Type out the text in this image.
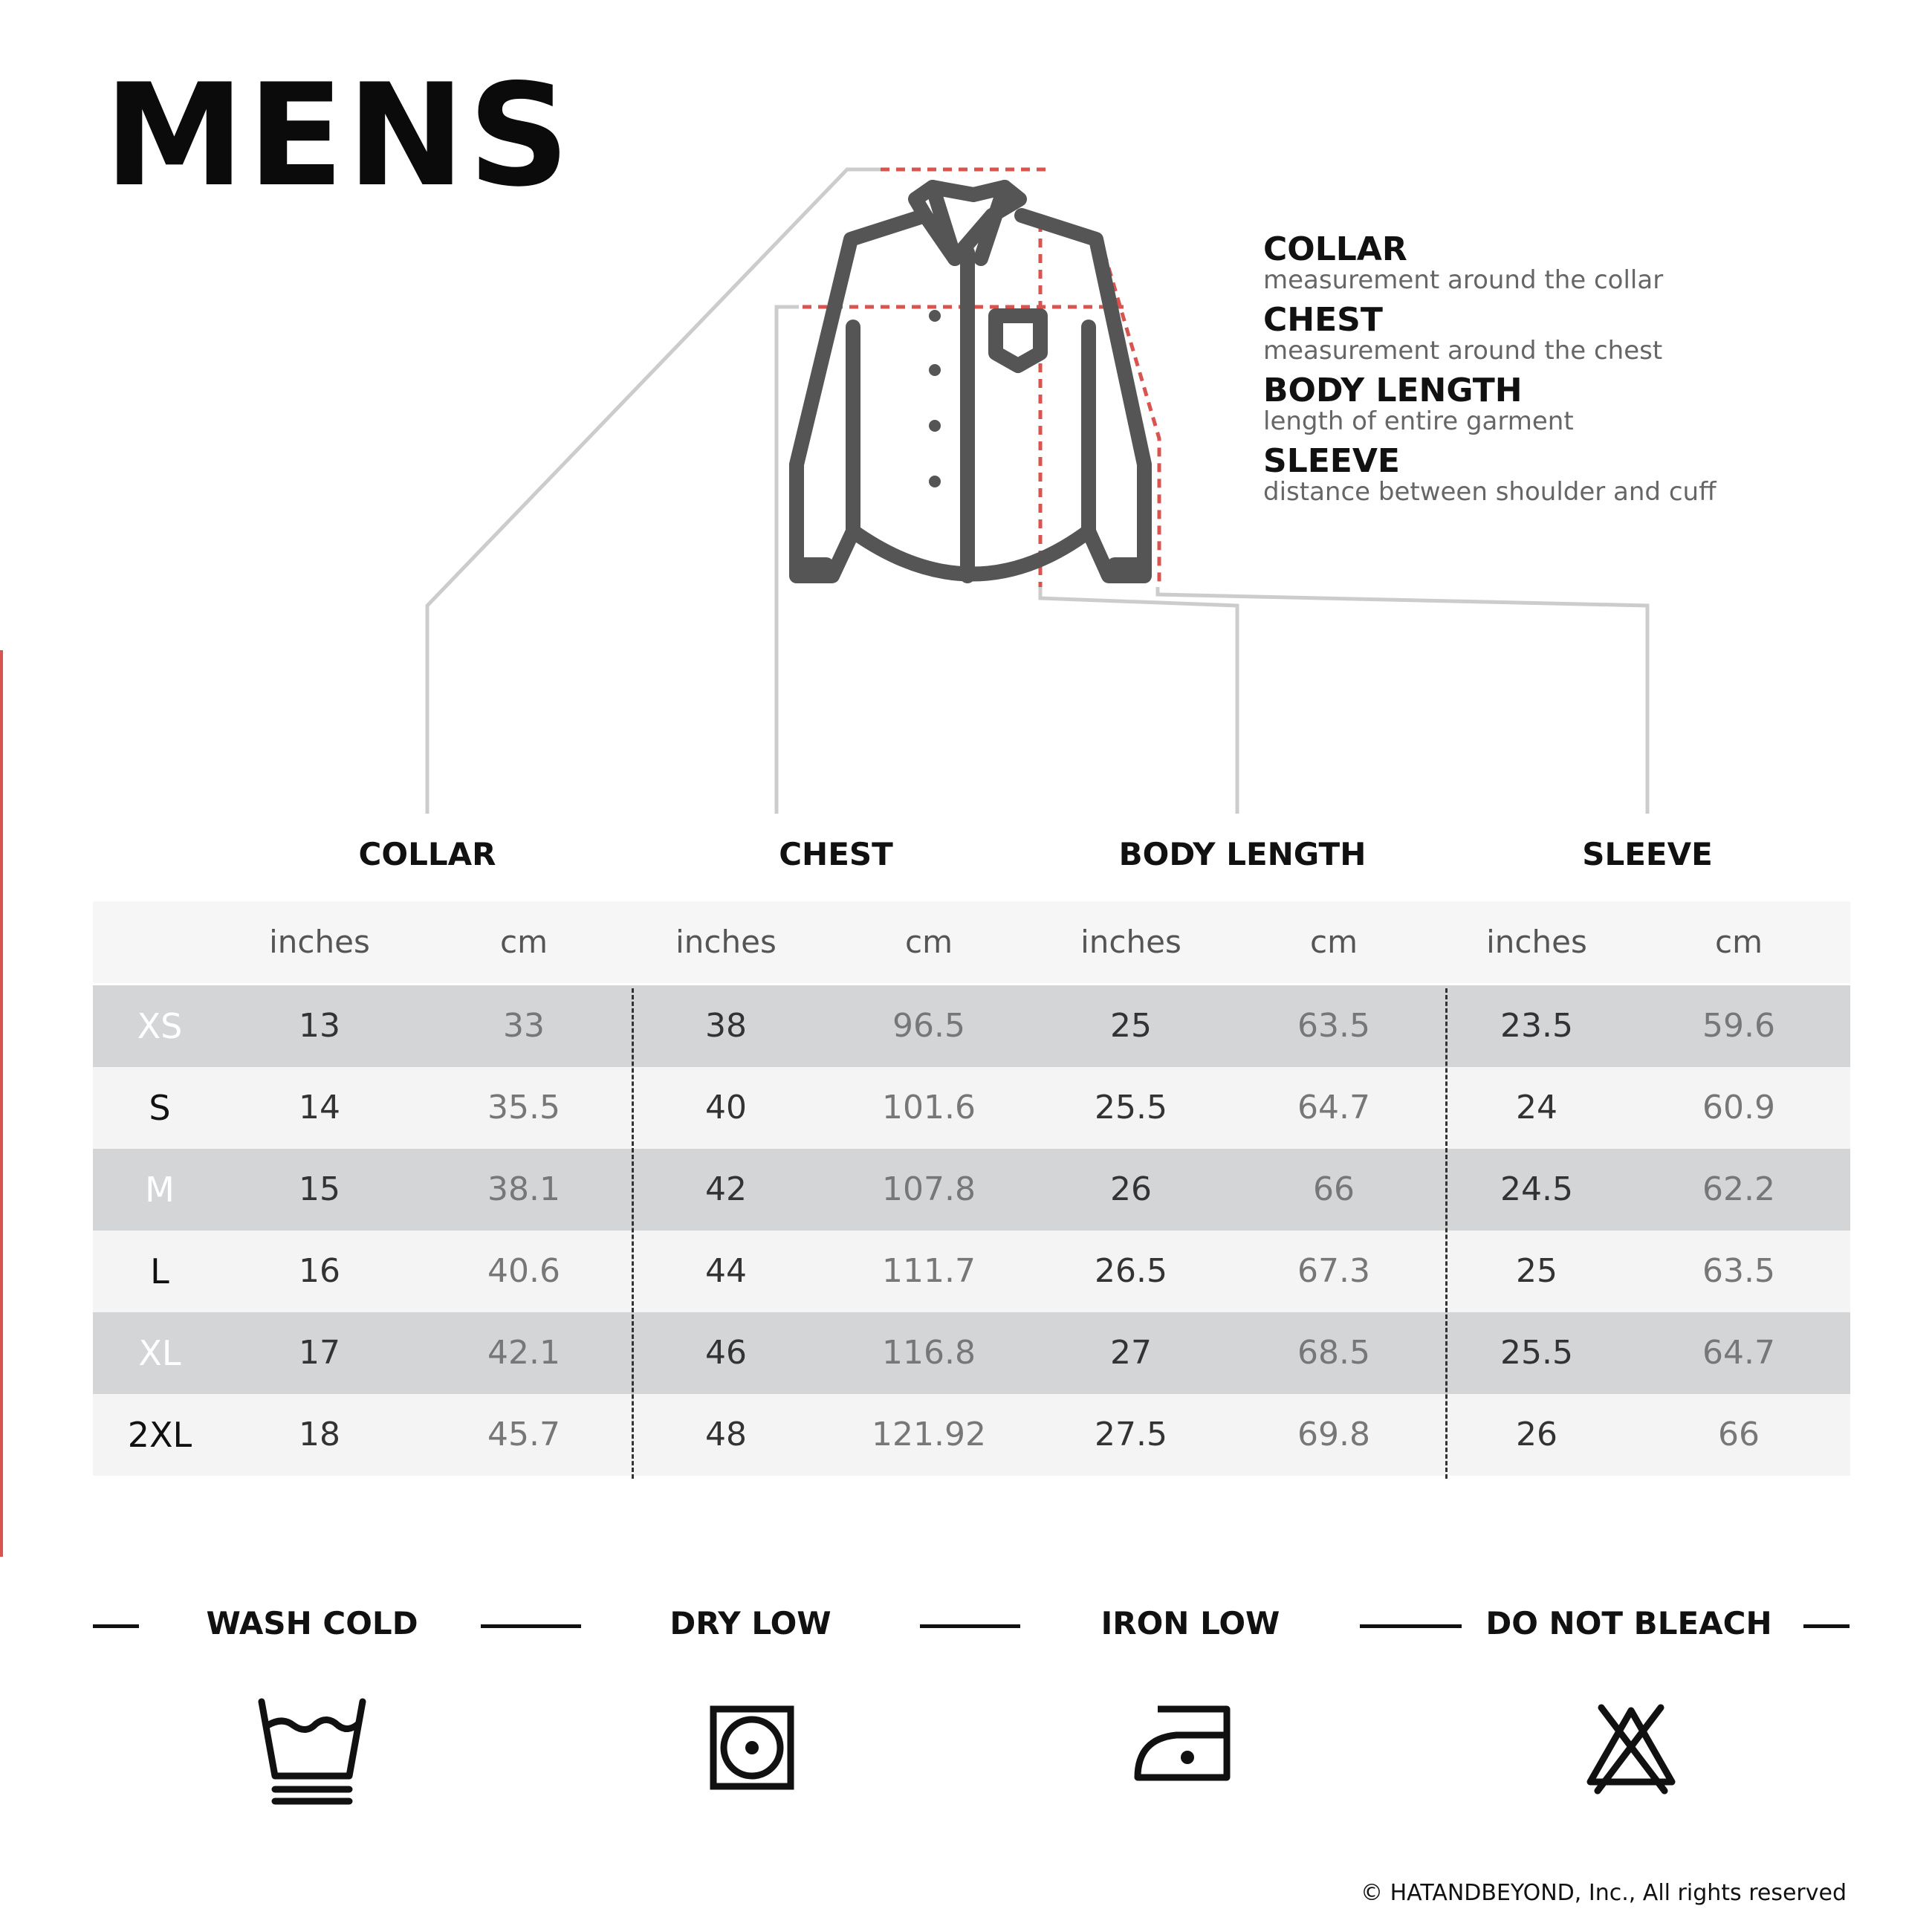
MENS
COLLAR
measurement around the collar
CHEST
measurement around the chest
BODY LENGTH
length of entire garment
SLEEVE
distance between shoulder and cuff
COLLAR	CHEST	BODY LENGTH	SLEEVE
inches	cm	inches	cm	inches	cm	inches	cm
XS	13	33	38	96.5	25	63.5	23.5	59.6
S	14	35.5	40	101.6	25.5	64.7	24	60.9
M	15	38.1	42	107.8	26	66	24.5	62.2
L	16	40.6	44	111.7	26.5	67.3	25	63.5
XL	17	42.1	46	116.8	27	68.5	25.5	64.7
2XL	18	45.7	48	121.92	27.5	69.8	26	66
WASH COLD	DRY LOW	IRON LOW	DO NOT BLEACH
© HATANDBEYOND, Inc., All rights reserved
